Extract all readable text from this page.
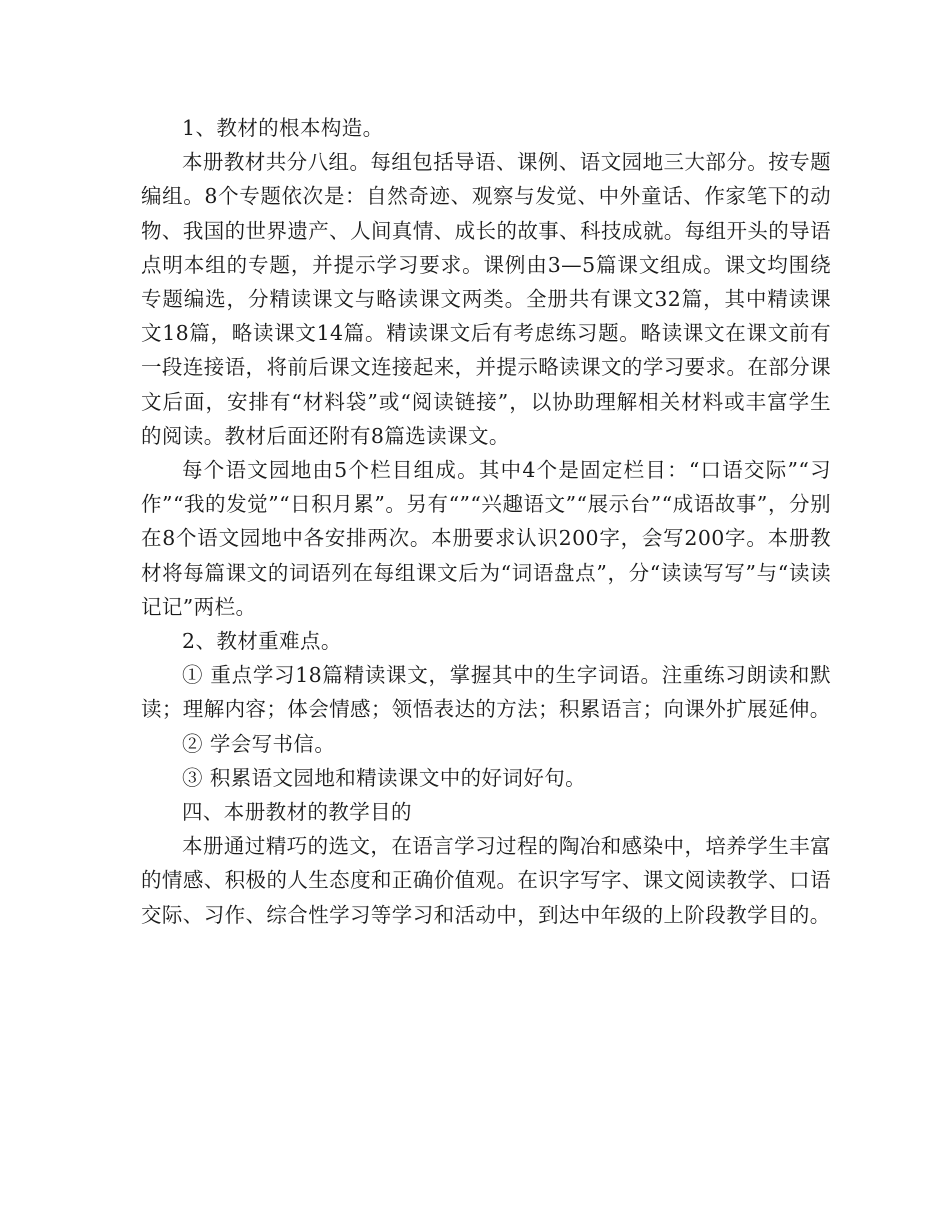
1、教材的根本构造。

本册教材共分八组。每组包括导语、课例、语文园地三大部分。按专题编组。8个专题依次是：自然奇迹、观察与发觉、中外童话、作家笔下的动物、我国的世界遗产、人间真情、成长的故事、科技成就。每组开头的导语点明本组的专题，并提示学习要求。课例由3—5篇课文组成。课文均围绕专题编选，分精读课文与略读课文两类。全册共有课文32篇，其中精读课文18篇，略读课文14篇。精读课文后有考虑练习题。略读课文在课文前有一段连接语，将前后课文连接起来，并提示略读课文的学习要求。在部分课文后面，安排有“材料袋”或“阅读链接”，以协助理解相关材料或丰富学生的阅读。教材后面还附有8篇选读课文。

每个语文园地由5个栏目组成。其中4个是固定栏目：“口语交际”“习作”“我的发觉”“日积月累”。另有“”“兴趣语文”“展示台”“成语故事”，分别在8个语文园地中各安排两次。本册要求认识200字，会写200字。本册教材将每篇课文的词语列在每组课文后为“词语盘点”，分“读读写写”与“读读记记”两栏。

2、教材重难点。

① 重点学习18篇精读课文，掌握其中的生字词语。注重练习朗读和默读；理解内容；体会情感；领悟表达的方法；积累语言；向课外扩展延伸。

② 学会写书信。

③ 积累语文园地和精读课文中的好词好句。

四、本册教材的教学目的

本册通过精巧的选文，在语言学习过程的陶冶和感染中，培养学生丰富的情感、积极的人生态度和正确价值观。在识字写字、课文阅读教学、口语交际、习作、综合性学习等学习和活动中，到达中年级的上阶段教学目的。
